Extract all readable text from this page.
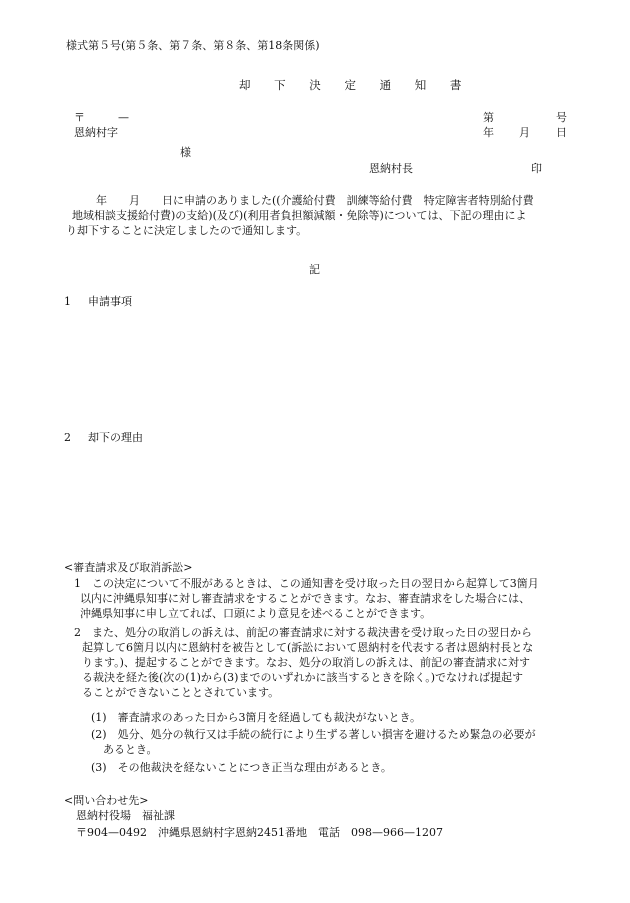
様式第５号(第５条、第７条、第８条、第18条関係)
却 下 決 定 通 知 書
〒	—
恩納村字
様
第	号
年 月 日
恩納村長	印
年　　月　　日に申請のありました((介護給付費　訓練等給付費　特定障害者特別給付費
地域相談支援給付費)の支給)(及び)(利用者負担額減額・免除等)については、下記の理由によ
り却下することに決定しましたので通知します。
記
1 申請事項
2 却下の理由
<審査請求及び取消訴訟>
1　この決定について不服があるときは、この通知書を受け取った日の翌日から起算して3箇月
以内に沖縄県知事に対し審査請求をすることができます。なお、審査請求をした場合には、
沖縄県知事に申し立てれば、口頭により意見を述べることができます。
2　また、処分の取消しの訴えは、前記の審査請求に対する裁決書を受け取った日の翌日から
起算して6箇月以内に恩納村を被告として(訴訟において恩納村を代表する者は恩納村長とな
ります。)、提起することができます。なお、処分の取消しの訴えは、前記の審査請求に対す
る裁決を経た後(次の(1)から(3)までのいずれかに該当するときを除く。)でなければ提起す
ることができないこととされています。
(1)　審査請求のあった日から3箇月を経過しても裁決がないとき。
(2)　処分、処分の執行又は手続の続行により生ずる著しい損害を避けるため緊急の必要が
あるとき。
(3)　その他裁決を経ないことにつき正当な理由があるとき。
<問い合わせ先>
恩納村役場　福祉課
〒904—0492　沖縄県恩納村字恩納2451番地　電話　098—966—1207
